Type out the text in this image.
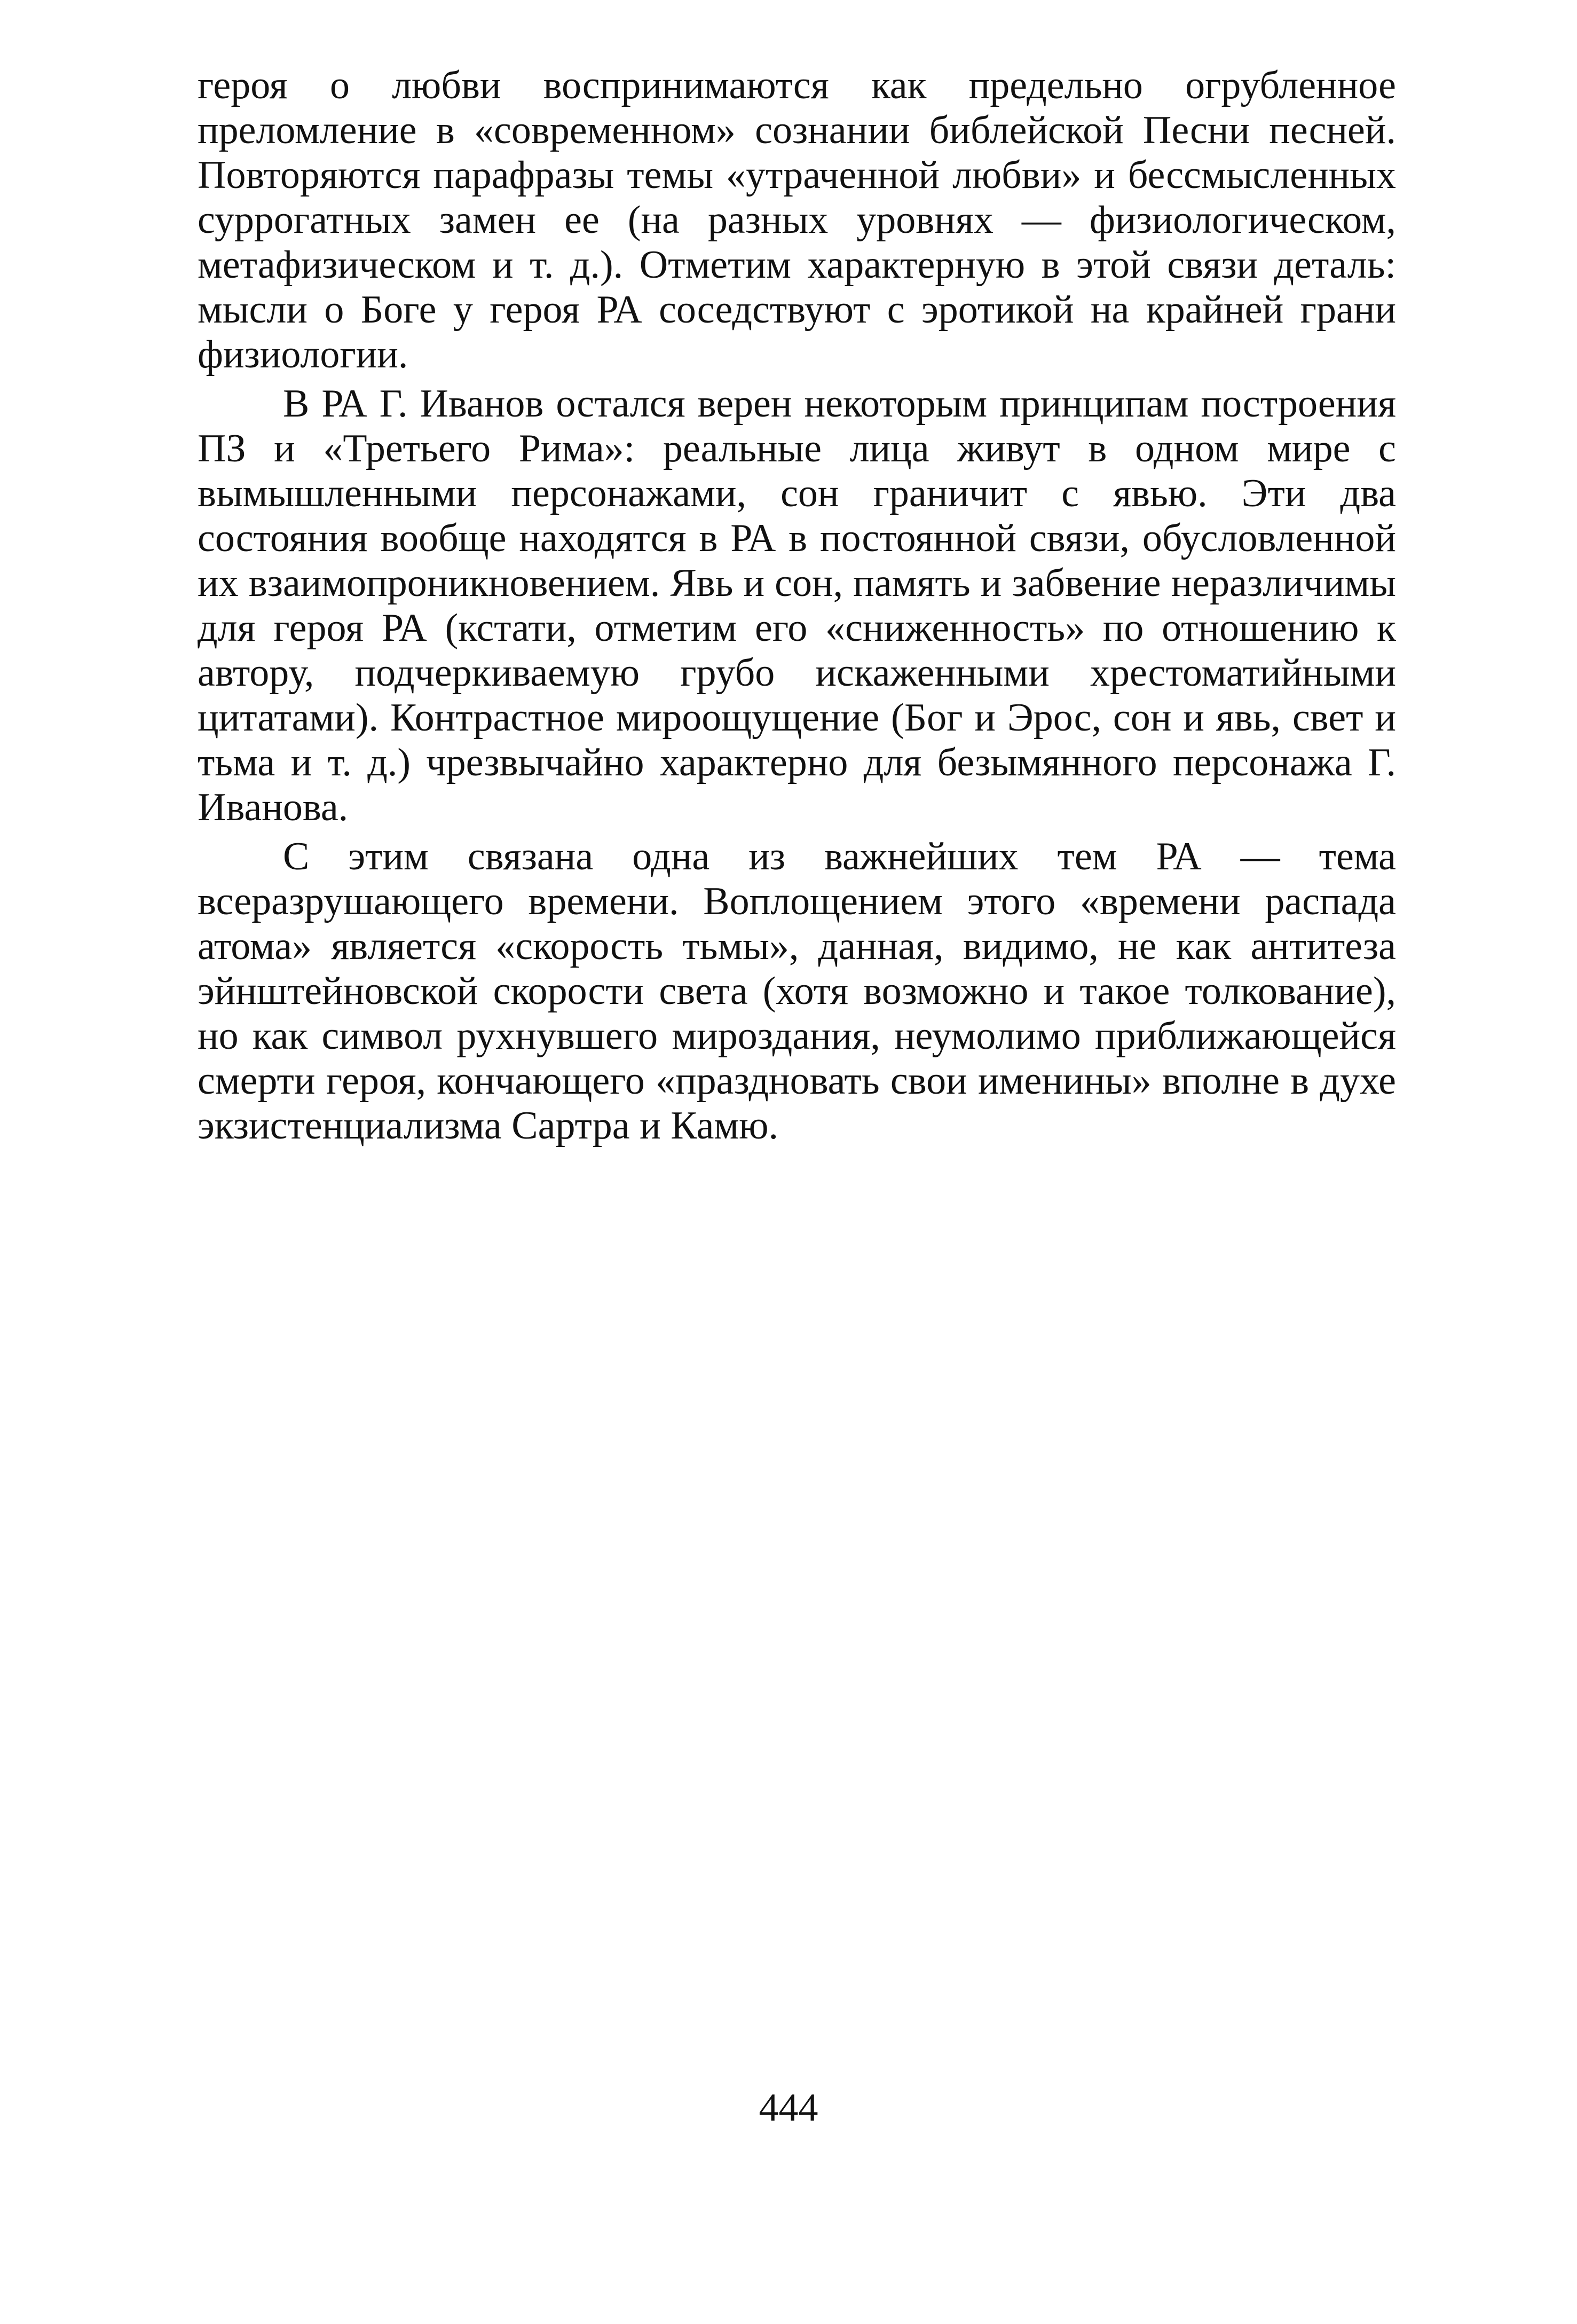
героя о любви воспринимаются как предельно огрубленное преломление в «современном» сознании библейской Песни песней. Повторяются парафразы темы «утраченной любви» и бессмысленных суррогатных замен ее (на разных уровнях — физиологическом, метафизическом и т. д.). Отметим характерную в этой связи деталь: мысли о Боге у героя РА соседствуют с эротикой на крайней грани физиологии.

В РА Г. Иванов остался верен некоторым принципам построения ПЗ и «Третьего Рима»: реальные лица живут в одном мире с вымышленными персонажами, сон граничит с явью. Эти два состояния вообще находятся в РА в постоянной связи, обусловленной их взаимопроникновением. Явь и сон, память и забвение неразличимы для героя РА (кстати, отметим его «сниженность» по отношению к автору, подчеркиваемую грубо искаженными хрестоматийными цитатами). Контрастное мироощущение (Бог и Эрос, сон и явь, свет и тьма и т. д.) чрезвычайно характерно для безымянного персонажа Г. Иванова.

С этим связана одна из важнейших тем РА — тема всеразрушающего времени. Воплощением этого «времени распада атома» является «скорость тьмы», данная, видимо, не как антитеза эйнштейновской скорости света (хотя возможно и такое толкование), но как символ рухнувшего мироздания, неумолимо приближающейся смерти героя, кончающего «праздновать свои именины» вполне в духе экзистенциализма Сартра и Камю.

444
